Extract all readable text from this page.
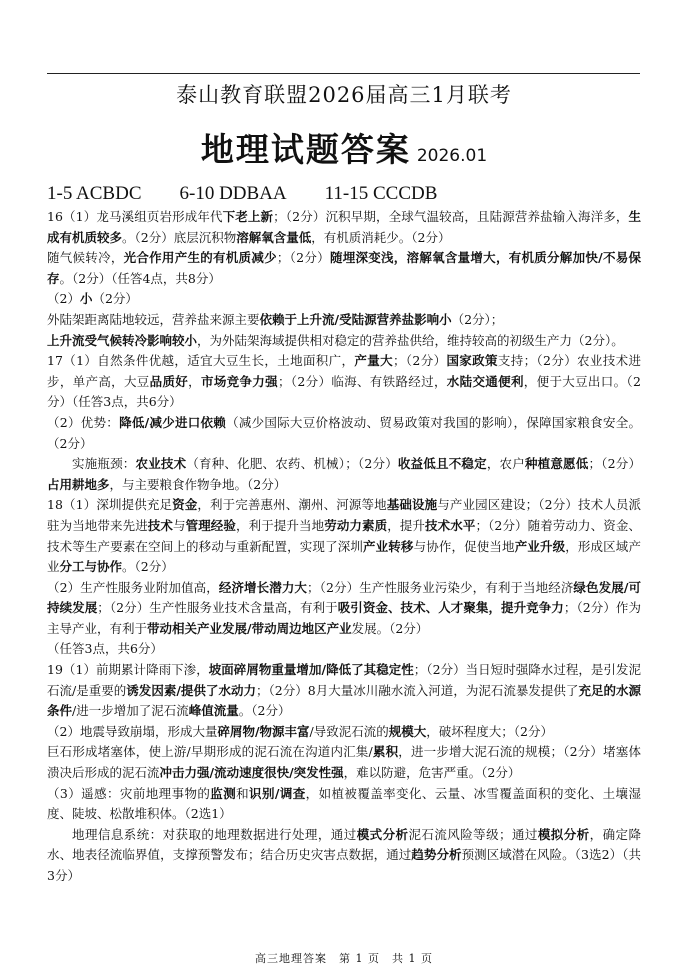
泰山教育联盟2026届高三1月联考
地理试题答案 2026.01
1-5 ACBDC 6-10 DDBAA 11-15 CCCDB

16（1）龙马溪组页岩形成年代下老上新；（2分）沉积早期，全球气温较高，且陆源营养盐输入海洋多，生成有机质较多。（2分）底层沉积物溶解氧含量低，有机质消耗少。（2分）

随气候转冷，光合作用产生的有机质减少；（2分）随埋深变浅，溶解氧含量增大，有机质分解加快/不易保存。（2分）（任答4点，共8分）

（2）小（2分）

外陆架距离陆地较远，营养盐来源主要依赖于上升流/受陆源营养盐影响小（2分）；

上升流受气候转冷影响较小，为外陆架海域提供相对稳定的营养盐供给，维持较高的初级生产力（2分）。

17（1）自然条件优越，适宜大豆生长，土地面积广，产量大；（2分）国家政策支持；（2分）农业技术进步，单产高，大豆品质好，市场竞争力强；（2分）临海、有铁路经过，水陆交通便利，便于大豆出口。（2分）（任答3点，共6分）

（2）优势：降低/减少进口依赖（减少国际大豆价格波动、贸易政策对我国的影响），保障国家粮食安全。（2分）

实施瓶颈：农业技术（育种、化肥、农药、机械）；（2分）收益低且不稳定，农户种植意愿低；（2分）占用耕地多，与主要粮食作物争地。（2分）

18（1）深圳提供充足资金，利于完善惠州、潮州、河源等地基础设施与产业园区建设；（2分）技术人员派驻为当地带来先进技术与管理经验，利于提升当地劳动力素质，提升技术水平；（2分）随着劳动力、资金、技术等生产要素在空间上的移动与重新配置，实现了深圳产业转移与协作，促使当地产业升级，形成区域产业分工与协作。（2分）

（2）生产性服务业附加值高，经济增长潜力大；（2分）生产性服务业污染少，有利于当地经济绿色发展/可持续发展；（2分）生产性服务业技术含量高，有利于吸引资金、技术、人才聚集，提升竞争力；（2分）作为主导产业，有利于带动相关产业发展/带动周边地区产业发展。（2分）

（任答3点，共6分）

19（1）前期累计降雨下渗，坡面碎屑物重量增加/降低了其稳定性；（2分）当日短时强降水过程，是引发泥石流/是重要的诱发因素/提供了水动力；（2分）8月大量冰川融水流入河道，为泥石流暴发提供了充足的水源条件/进一步增加了泥石流峰值流量。（2分）

（2）地震导致崩塌，形成大量碎屑物/物源丰富/导致泥石流的规模大，破坏程度大；（2分）

巨石形成堵塞体，使上游/早期形成的泥石流在沟道内汇集/累积，进一步增大泥石流的规模；（2分）堵塞体溃决后形成的泥石流冲击力强/流动速度很快/突发性强，难以防避，危害严重。（2分）

（3）遥感：灾前地理事物的监测和识别/调查，如植被覆盖率变化、云量、冰雪覆盖面积的变化、土壤湿度、陡坡、松散堆积体。（2选1）

地理信息系统：对获取的地理数据进行处理，通过模式分析泥石流风险等级；通过模拟分析，确定降水、地表径流临界值，支撑预警发布；结合历史灾害点数据，通过趋势分析预测区域潜在风险。（3选2）（共3分）

高三地理答案　第 1 页　共 1 页
